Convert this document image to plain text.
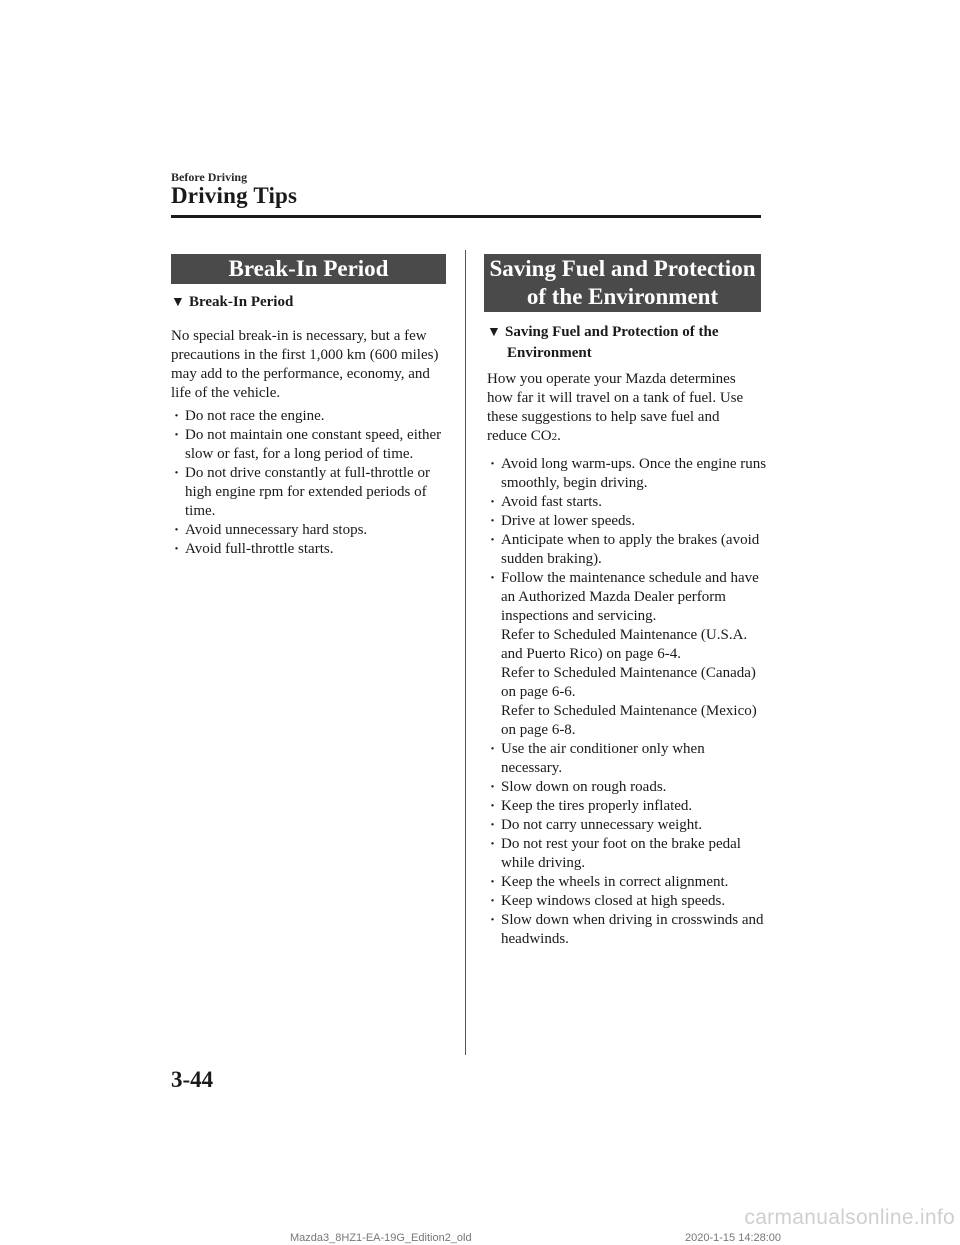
Before Driving
Driving Tips
Break-In Period
▼ Break-In Period

No special break-in is necessary, but a few precautions in the first 1,000 km (600 miles) may add to the performance, economy, and life of the vehicle.

· Do not race the engine.
· Do not maintain one constant speed, either slow or fast, for a long period of time.
· Do not drive constantly at full-throttle or high engine rpm for extended periods of time.
· Avoid unnecessary hard stops.
· Avoid full-throttle starts.
Saving Fuel and Protection
of the Environment
▼ Saving Fuel and Protection of the Environment

How you operate your Mazda determines how far it will travel on a tank of fuel. Use these suggestions to help save fuel and reduce CO2.

· Avoid long warm-ups. Once the engine runs smoothly, begin driving.
· Avoid fast starts.
· Drive at lower speeds.
· Anticipate when to apply the brakes (avoid sudden braking).
· Follow the maintenance schedule and have an Authorized Mazda Dealer perform inspections and servicing.
Refer to Scheduled Maintenance (U.S.A. and Puerto Rico) on page 6-4.
Refer to Scheduled Maintenance (Canada) on page 6-6.
Refer to Scheduled Maintenance (Mexico) on page 6-8.
· Use the air conditioner only when necessary.
· Slow down on rough roads.
· Keep the tires properly inflated.
· Do not carry unnecessary weight.
· Do not rest your foot on the brake pedal while driving.
· Keep the wheels in correct alignment.
· Keep windows closed at high speeds.
· Slow down when driving in crosswinds and headwinds.
3-44
Mazda3_8HZ1-EA-19G_Edition2_old	2020-1-15 14:28:00
carmanualsonline.info
